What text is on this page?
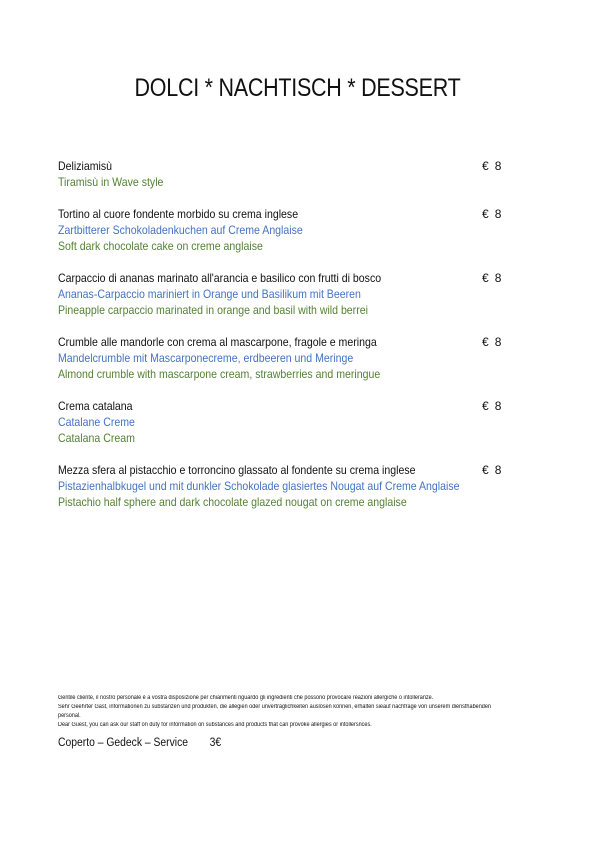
DOLCI * NACHTISCH * DESSERT
Deliziamisù
Tiramisù in Wave style
€ 8
Tortino al cuore fondente morbido su crema inglese
Zartbitterer Schokoladenkuchen auf Creme Anglaise
Soft dark chocolate cake on creme anglaise
€ 8
Carpaccio di ananas marinato all'arancia e basilico con frutti di bosco
Ananas-Carpaccio mariniert in Orange und Basilikum mit Beeren
Pineapple carpaccio marinated in orange and basil with wild berrei
€ 8
Crumble alle mandorle con crema al mascarpone, fragole e meringa
Mandelcrumble mit Mascarponecreme, erdbeeren und Meringe
Almond crumble with mascarpone cream, strawberries and meringue
€ 8
Crema catalana
Catalane Creme
Catalana Cream
€ 8
Mezza sfera al pistacchio e torroncino glassato al fondente su crema inglese
Pistazienhalbkugel und mit dunkler Schokolade glasiertes Nougat auf Creme Anglaise
Pistachio half sphere and dark chocolate glazed nougat on creme anglaise
€ 8
Gentile cliente, il nostro personale è a vostra disposizione per chiarimenti riguardo gli ingredienti che possono provocare reazioni allergiche o intolleranze.
Sehr Geehrter Gast, informationen zu substanzen und produkten, die allegien oder unverträglichkeiten auslösen können, erhalten sieauf nachfrage von unserem diensthabenden personal.
Dear Guest, you can ask our staff on duty for information on substances and products that can provoke allergies or intollersnces.
Coperto – Gedeck – Service 3€
